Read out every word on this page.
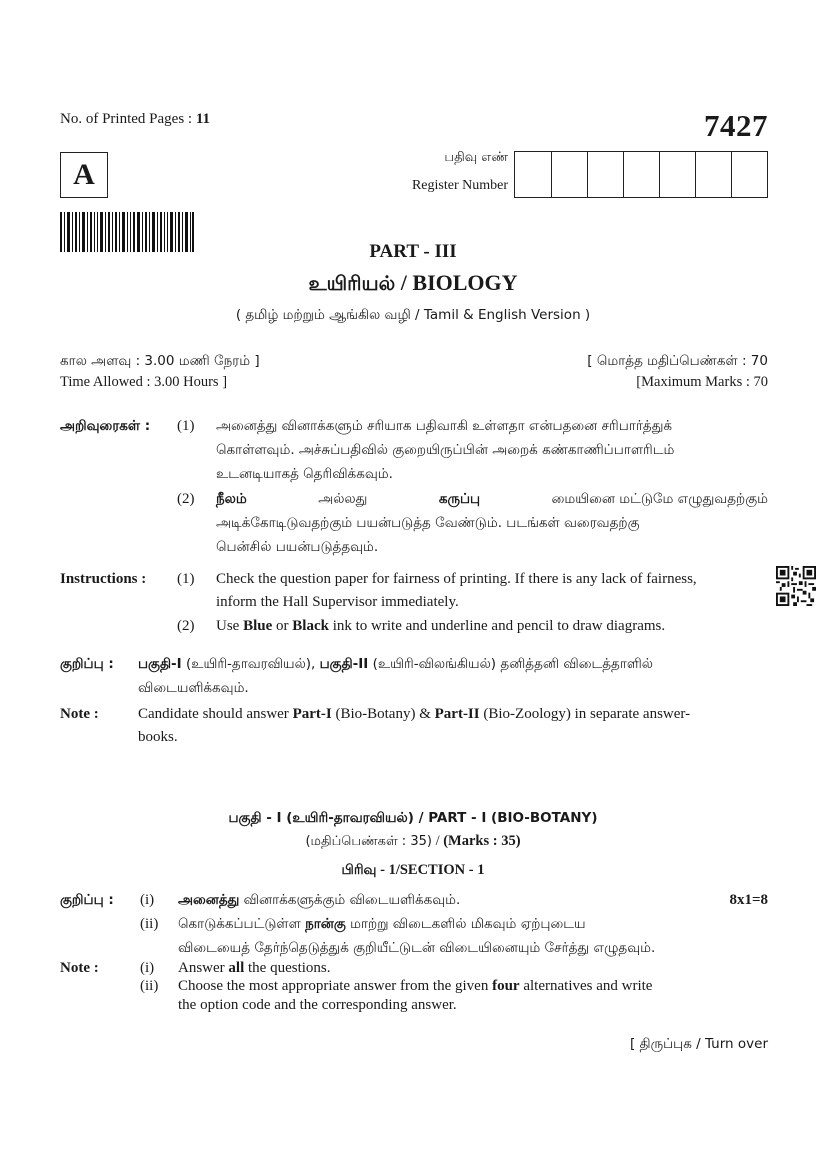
No. of Printed Pages : 11	7427
A
பதிவு எண்
Register Number
PART - III
உயிரியல் / BIOLOGY
( தமிழ் மற்றும் ஆங்கில வழி / Tamil & English Version )
கால அளவு : 3.00 மணி நேரம் ]
Time Allowed : 3.00 Hours ]
[ மொத்த மதிப்பெண்கள் : 70
[Maximum Marks : 70
அறிவுரைகள் : (1) அனைத்து வினாக்களும் சரியாக பதிவாகி உள்ளதா என்பதனை சரிபார்த்துக்
கொள்ளவும். அச்சுப்பதிவில் குறையிருப்பின் அறைக் கண்காணிப்பாளரிடம்
உடனடியாகத் தெரிவிக்கவும்.
(2) நீலம்	அல்லது	கருப்பு	மையினை மட்டுமே எழுதுவதற்கும்
அடிக்கோடிடுவதற்கும் பயன்படுத்த வேண்டும். படங்கள் வரைவதற்கு
பென்சில் பயன்படுத்தவும்.
Instructions : (1) Check the question paper for fairness of printing. If there is any lack of fairness,
inform the Hall Supervisor immediately.
(2) Use Blue or Black ink to write and underline and pencil to draw diagrams.
குறிப்பு : பகுதி-I (உயிரி-தாவரவியல்), பகுதி-II (உயிரி-விலங்கியல்) தனித்தனி விடைத்தாளில்
விடையளிக்கவும்.
Note :	Candidate should answer Part-I (Bio-Botany) & Part-II (Bio-Zoology) in separate answer-
books.
பகுதி - I (உயிரி-தாவரவியல்) / PART - I (BIO-BOTANY)
(மதிப்பெண்கள் : 35) / (Marks : 35)
பிரிவு - 1/SECTION - 1
குறிப்பு : (i) அனைத்து வினாக்களுக்கும் விடையளிக்கவும்.	8x1=8
(ii) கொடுக்கப்பட்டுள்ள நான்கு மாற்று விடைகளில் மிகவும் ஏற்புடைய
விடையைத் தேர்ந்தெடுத்துக் குறியீட்டுடன் விடையினையும் சேர்த்து எழுதவும்.
Note :	(i) Answer all the questions.
(ii) Choose the most appropriate answer from the given four alternatives and write
the option code and the corresponding answer.
[ திருப்புக / Turn over
